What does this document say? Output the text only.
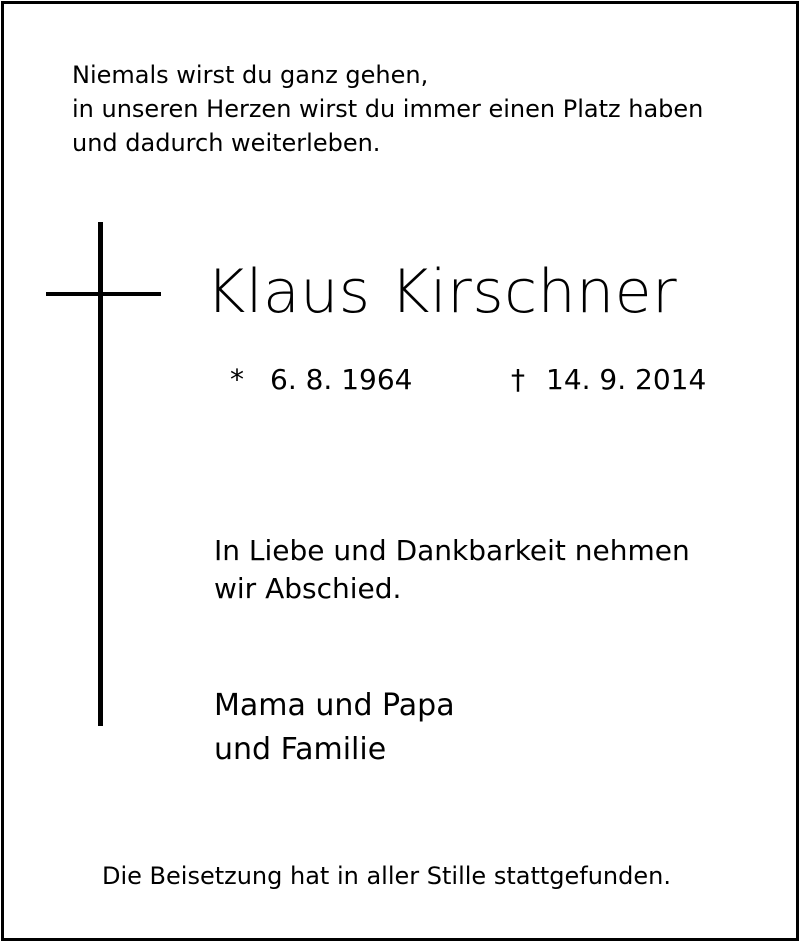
Niemals wirst du ganz gehen,
in unseren Herzen wirst du immer einen Platz haben
und dadurch weiterleben.
Klaus Kirschner
* 6. 8. 1964	† 14. 9. 2014
In Liebe und Dankbarkeit nehmen
wir Abschied.
Mama und Papa
und Familie
Die Beisetzung hat in aller Stille stattgefunden.
